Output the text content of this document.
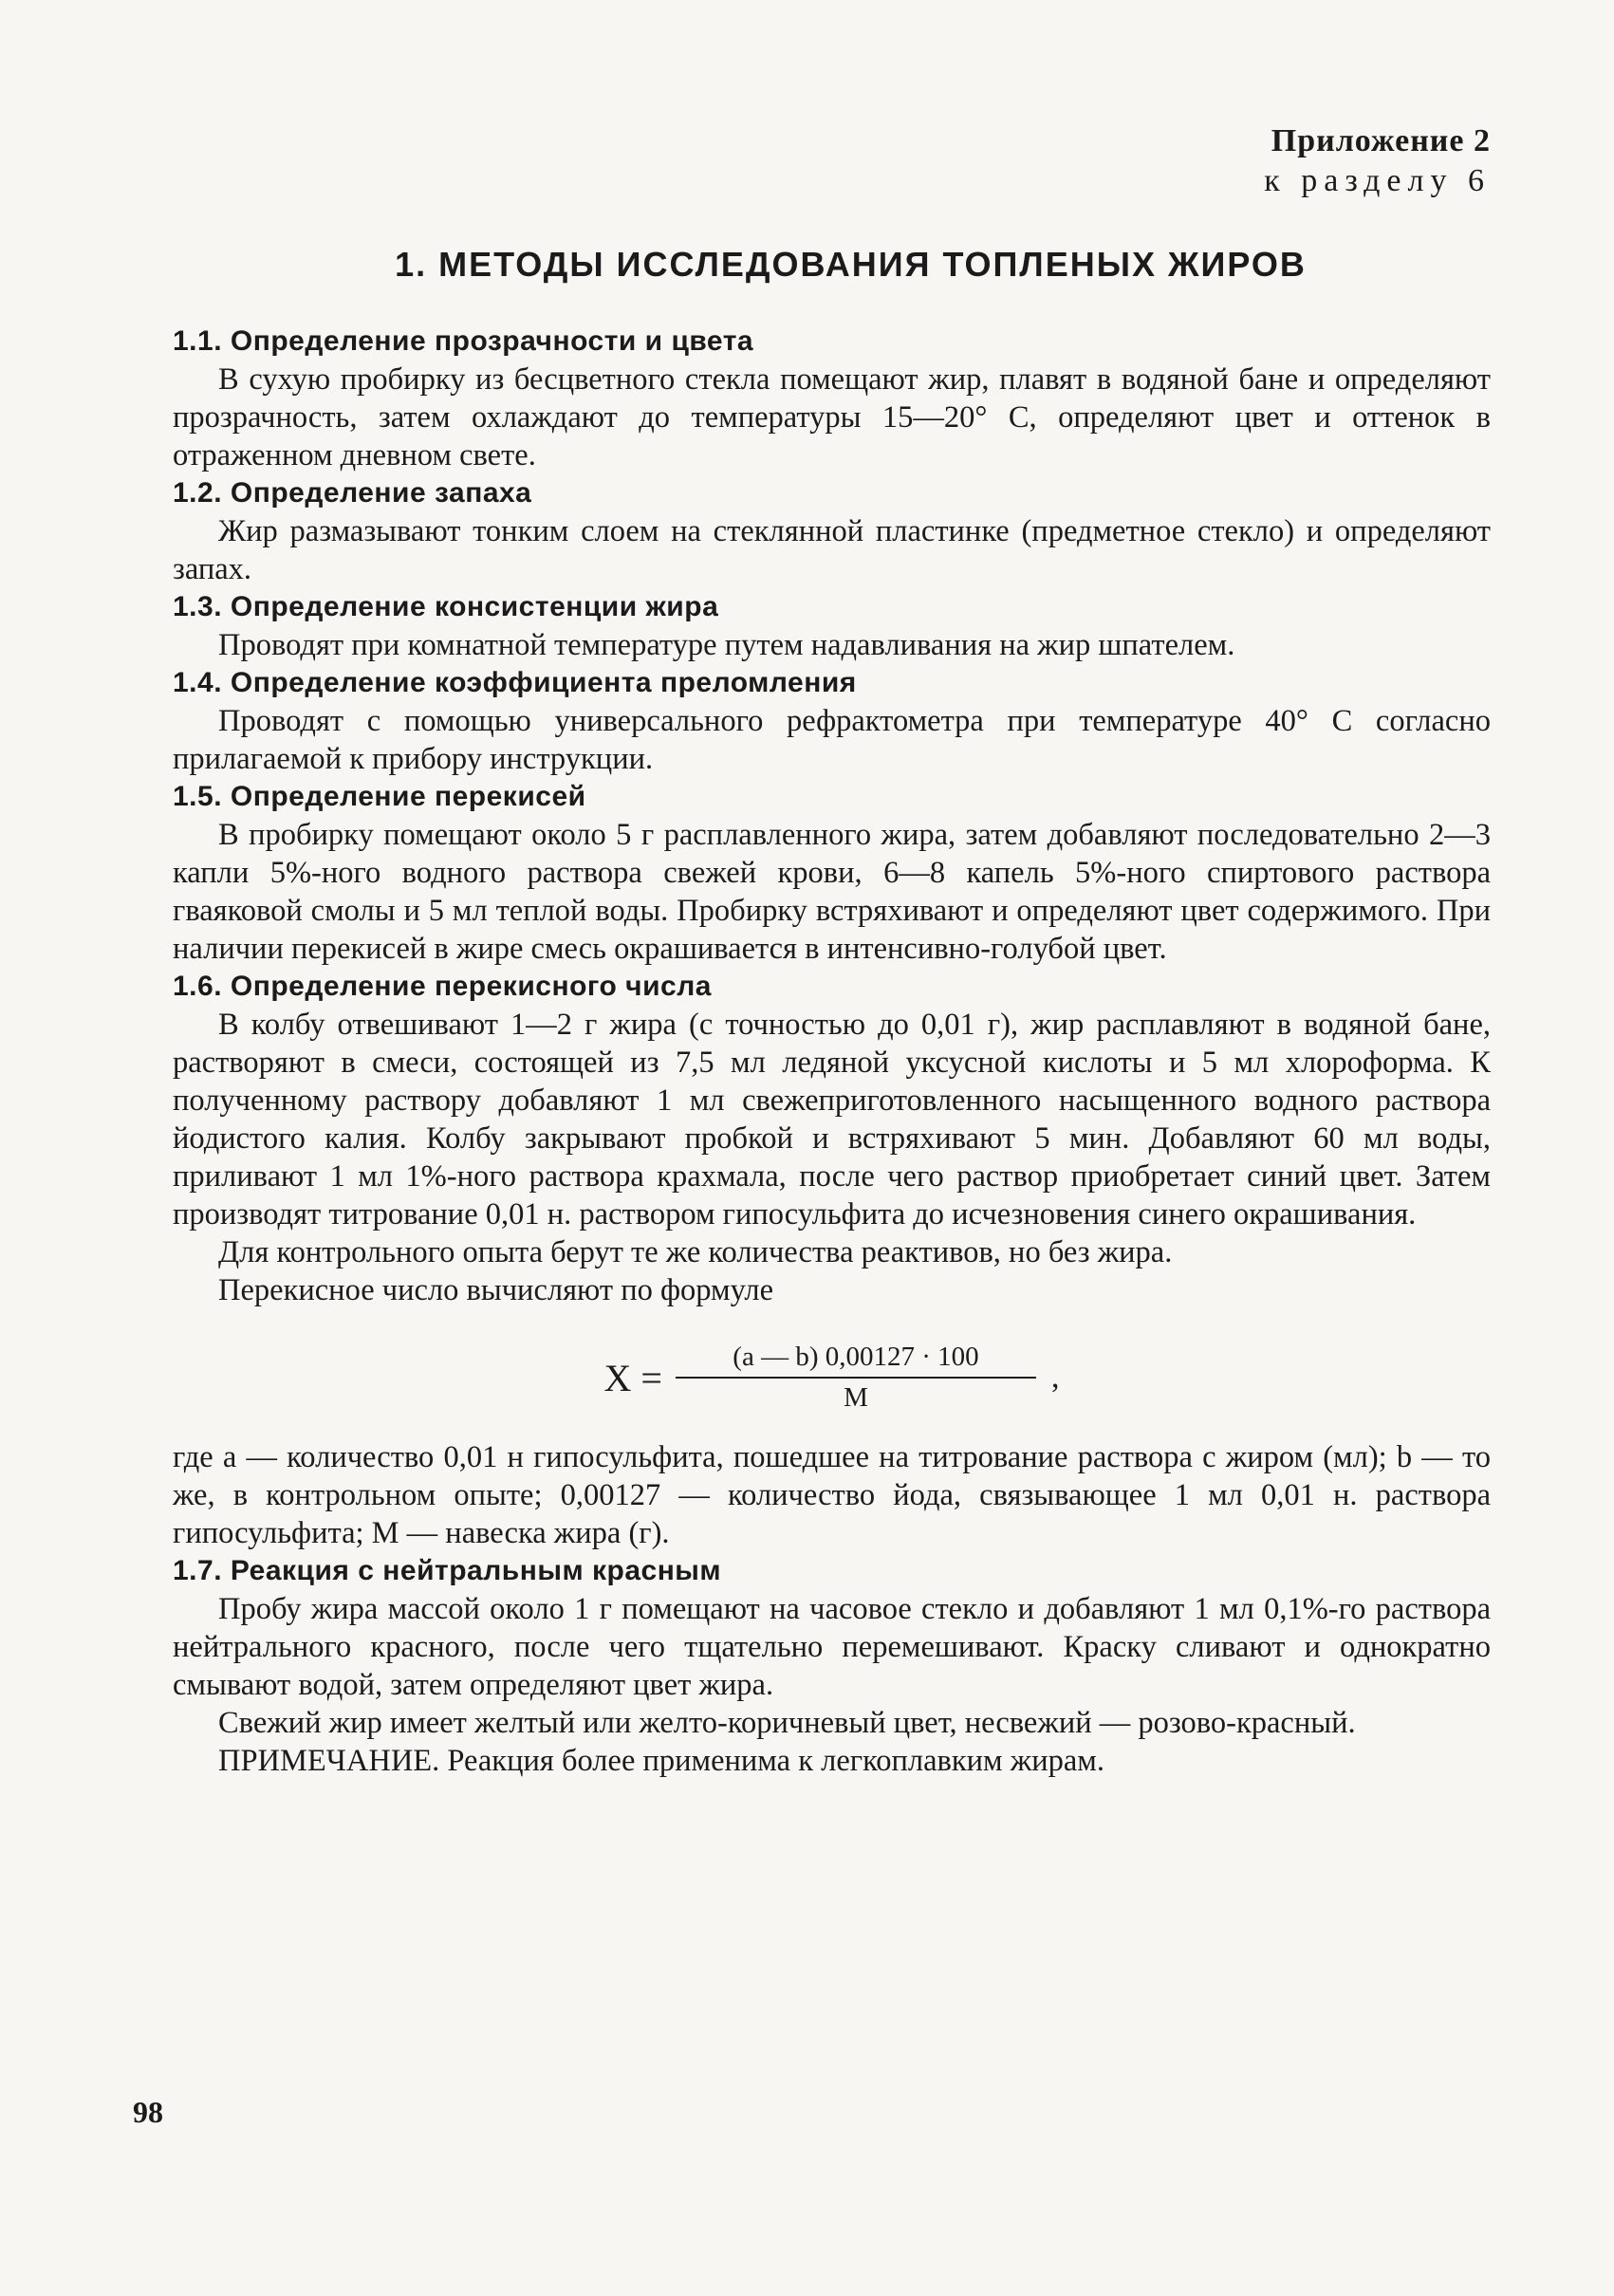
Приложение 2
к разделу 6
1. МЕТОДЫ ИССЛЕДОВАНИЯ ТОПЛЕНЫХ ЖИРОВ
1.1. Определение прозрачности и цвета

В сухую пробирку из бесцветного стекла помещают жир, плавят в водяной бане и определяют прозрачность, затем охлаждают до температуры 15—20° С, определяют цвет и оттенок в отраженном дневном свете.

1.2. Определение запаха

Жир размазывают тонким слоем на стеклянной пластинке (предметное стекло) и определяют запах.

1.3. Определение консистенции жира

Проводят при комнатной температуре путем надавливания на жир шпателем.

1.4. Определение коэффициента преломления

Проводят с помощью универсального рефрактометра при температуре 40° С согласно прилагаемой к прибору инструкции.

1.5. Определение перекисей

В пробирку помещают около 5 г расплавленного жира, затем добавляют последовательно 2—3 капли 5%-ного водного раствора свежей крови, 6—8 капель 5%-ного спиртового раствора гваяковой смолы и 5 мл теплой воды. Пробирку встряхивают и определяют цвет содержимого. При наличии перекисей в жире смесь окрашивается в интенсивно-голубой цвет.

1.6. Определение перекисного числа

В колбу отвешивают 1—2 г жира (с точностью до 0,01 г), жир расплавляют в водяной бане, растворяют в смеси, состоящей из 7,5 мл ледяной уксусной кислоты и 5 мл хлороформа. К полученному раствору добавляют 1 мл свежеприготовленного насыщенного водного раствора йодистого калия. Колбу закрывают пробкой и встряхивают 5 мин. Добавляют 60 мл воды, приливают 1 мл 1%-ного раствора крахмала, после чего раствор приобретает синий цвет. Затем производят титрование 0,01 н. раствором гипосульфита до исчезновения синего окрашивания.

Для контрольного опыта берут те же количества реактивов, но без жира.

Перекисное число вычисляют по формуле

$X = \frac{(a — b) 0,00127 \cdot 100}{M}$ ,

где a — количество 0,01 н гипосульфита, пошедшее на титрование раствора с жиром (мл); b — то же, в контрольном опыте; 0,00127 — количество йода, связывающее 1 мл 0,01 н. раствора гипосульфита; M — навеска жира (г).

1.7. Реакция с нейтральным красным

Пробу жира массой около 1 г помещают на часовое стекло и добавляют 1 мл 0,1%-го раствора нейтрального красного, после чего тщательно перемешивают. Краску сливают и однократно смывают водой, затем определяют цвет жира.

Свежий жир имеет желтый или желто-коричневый цвет, несвежий — розово-красный.

ПРИМЕЧАНИЕ. Реакция более применима к легкоплавким жирам.

98
